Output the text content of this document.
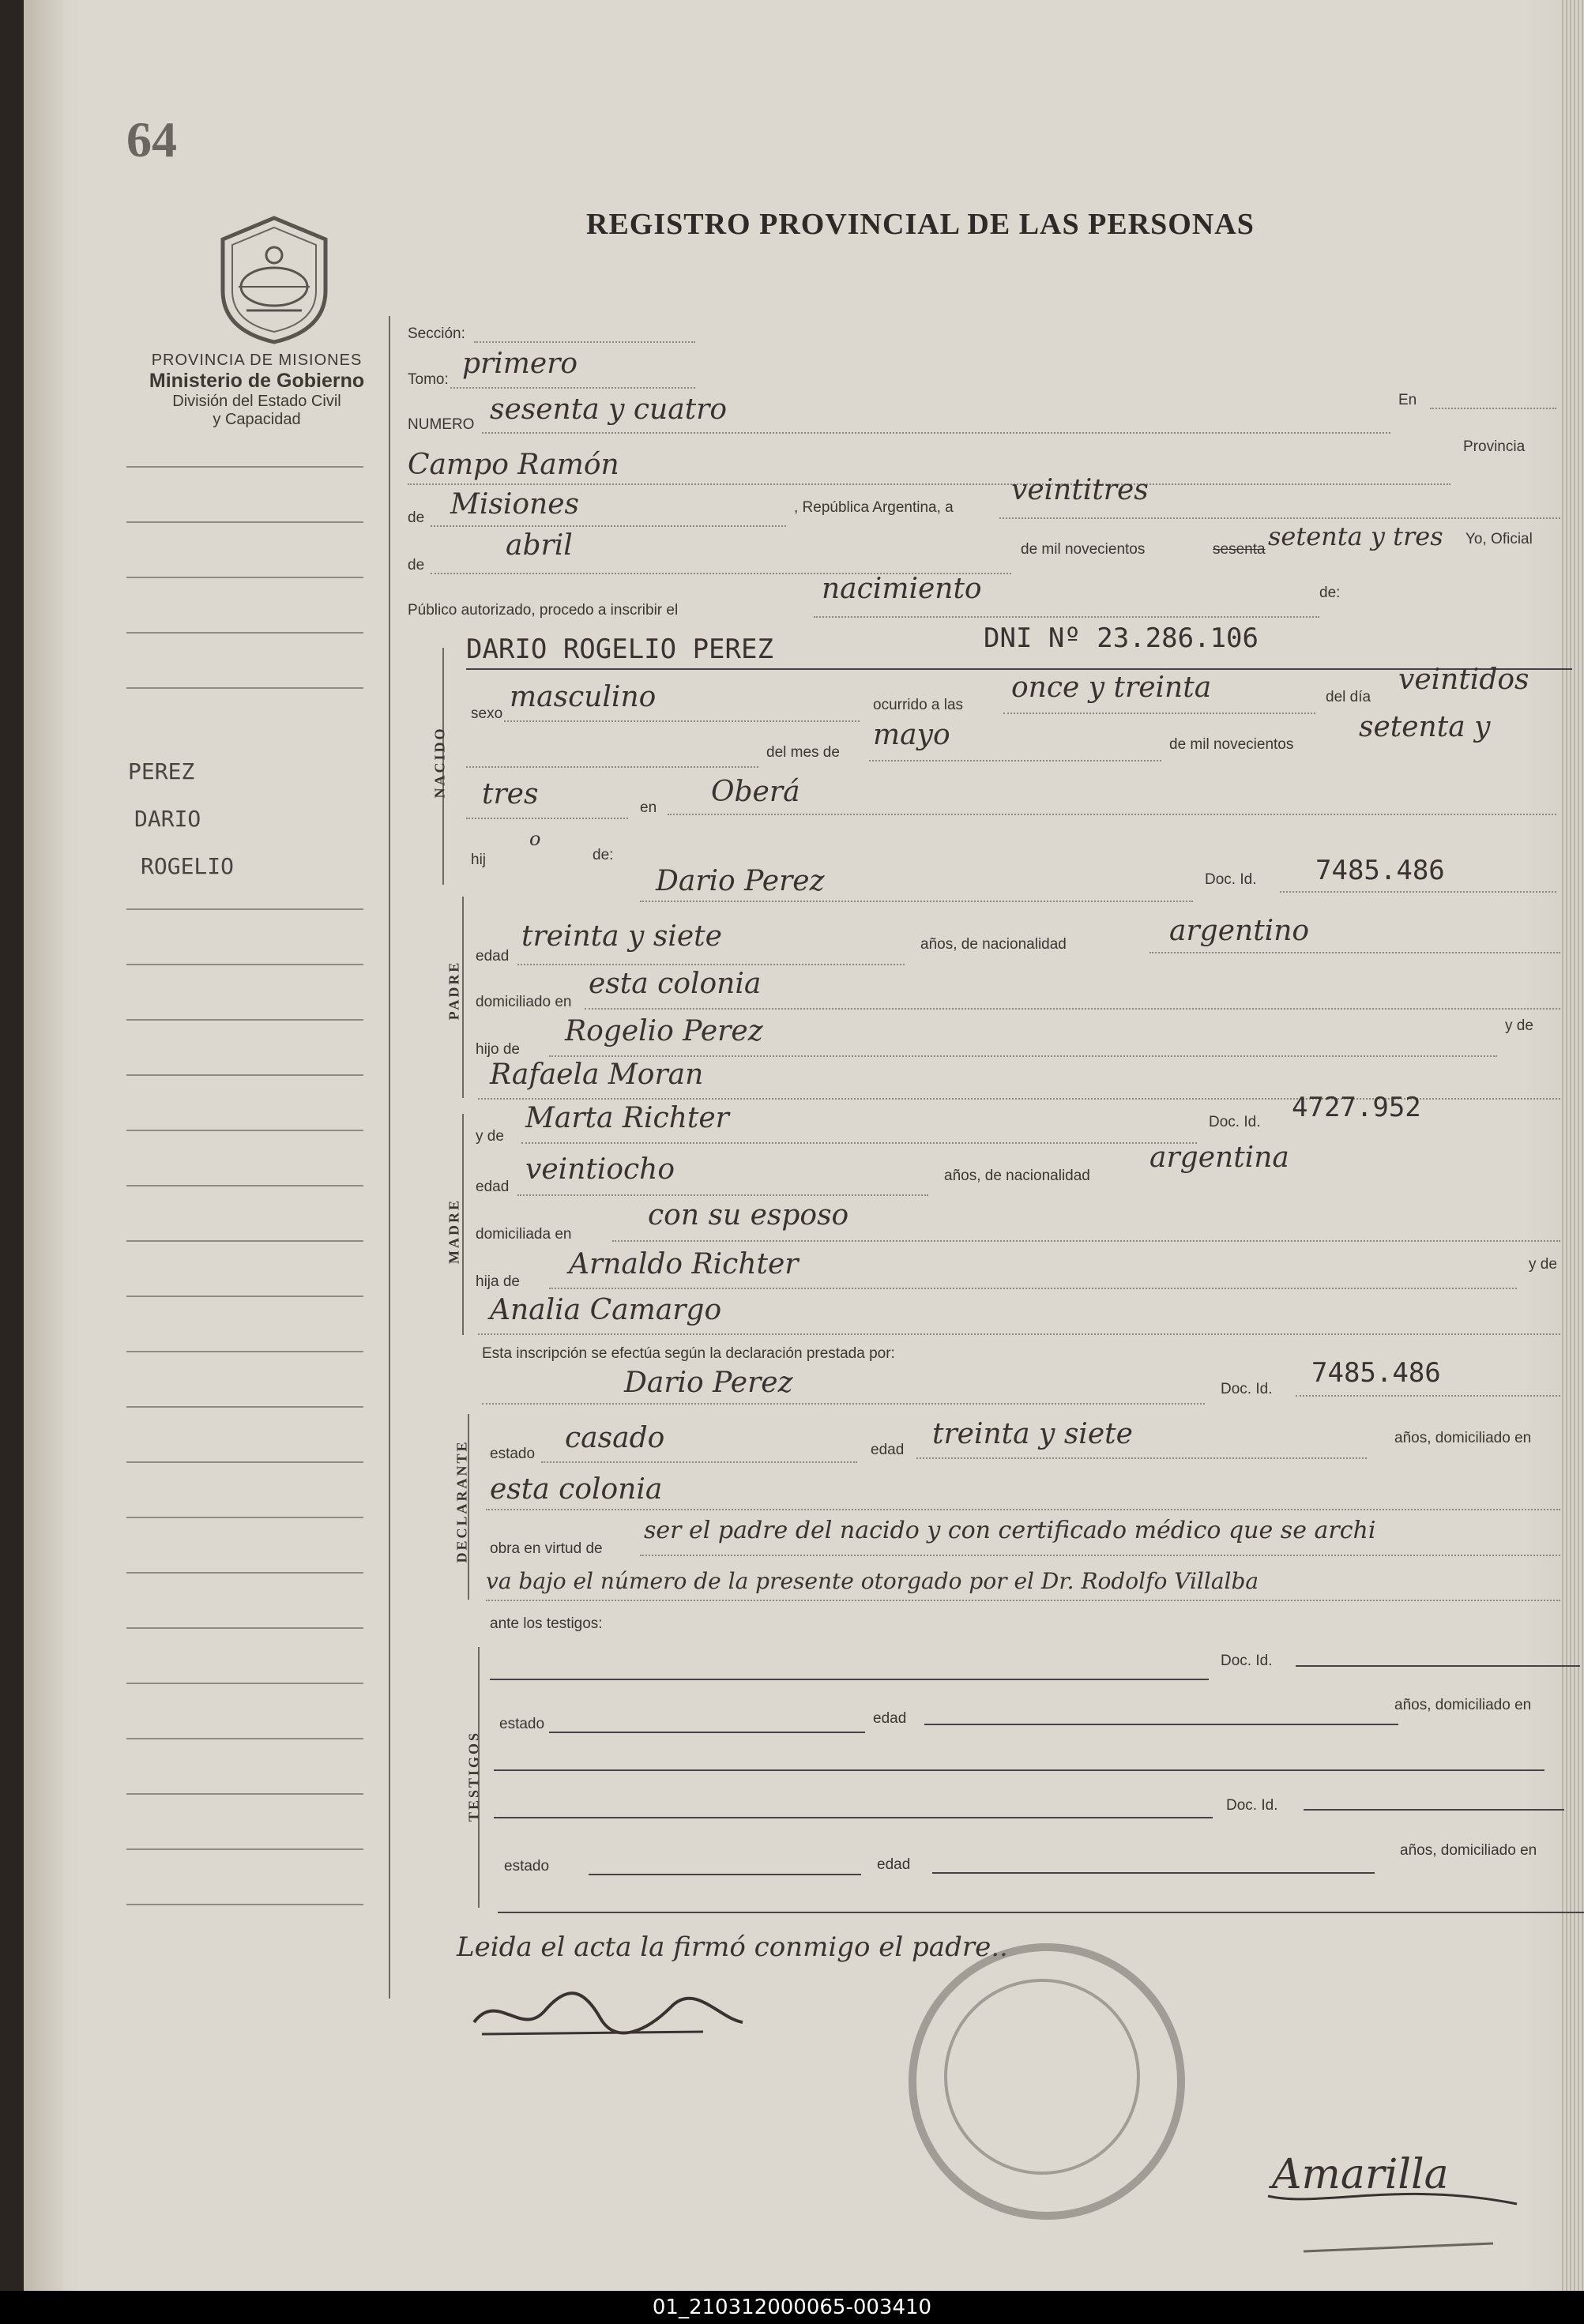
64
REGISTRO PROVINCIAL DE LAS PERSONAS
PROVINCIA DE MISIONES
Ministerio de Gobierno
División del Estado Civil
y Capacidad
PEREZ
DARIO
ROGELIO
Sección:
Tomo: primero
NUMERO sesenta y cuatro	En
Campo Ramón
Provincia
de Misiones	, República Argentina, a
veintitres
de
abril	de mil novecientos	sesenta setenta y tres Yo, Oficial
Público autorizado, procedo a inscribir el
nacimiento	de:
NACIDO
DARIO ROGELIO PEREZ	DNI Nº 23.286.106
sexo
masculino	ocurrido a las
once y treinta	del día
veintidos
del mes de
mayo	de mil novecientos
setenta y
tres	en Oberá
hij
o
de:
Dario Perez	Doc. Id. 7485.486
PADRE
edad
treinta y siete	años, de nacionalidad	argentino
domiciliado en
esta colonia
hijo de
Rogelio Perez	y de
Rafaela Moran
MADRE
y de
Marta Richter	Doc. Id. 4727.952
edad
veintiocho	años, de nacionalidad
argentina
domiciliada en
con su esposo
hija de
Arnaldo Richter	y de
Analia Camargo
Esta inscripción se efectúa según la declaración prestada por:
Dario Perez	Doc. Id.
7485.486
DECLARANTE estado casado	edad treinta y siete	años, domiciliado en
esta colonia
obra en virtud de
ser el padre del nacido y con certificado médico que se archi
va bajo el número de la presente otorgado por el Dr. Rodolfo Villalba
ante los testigos:
TESTIGOS
Doc. Id.
estado	edad
años, domiciliado en
Doc. Id.
estado	edad
años, domiciliado en
Leida el acta la firmó conmigo el padre..
Amarilla
01_210312000065-003410
